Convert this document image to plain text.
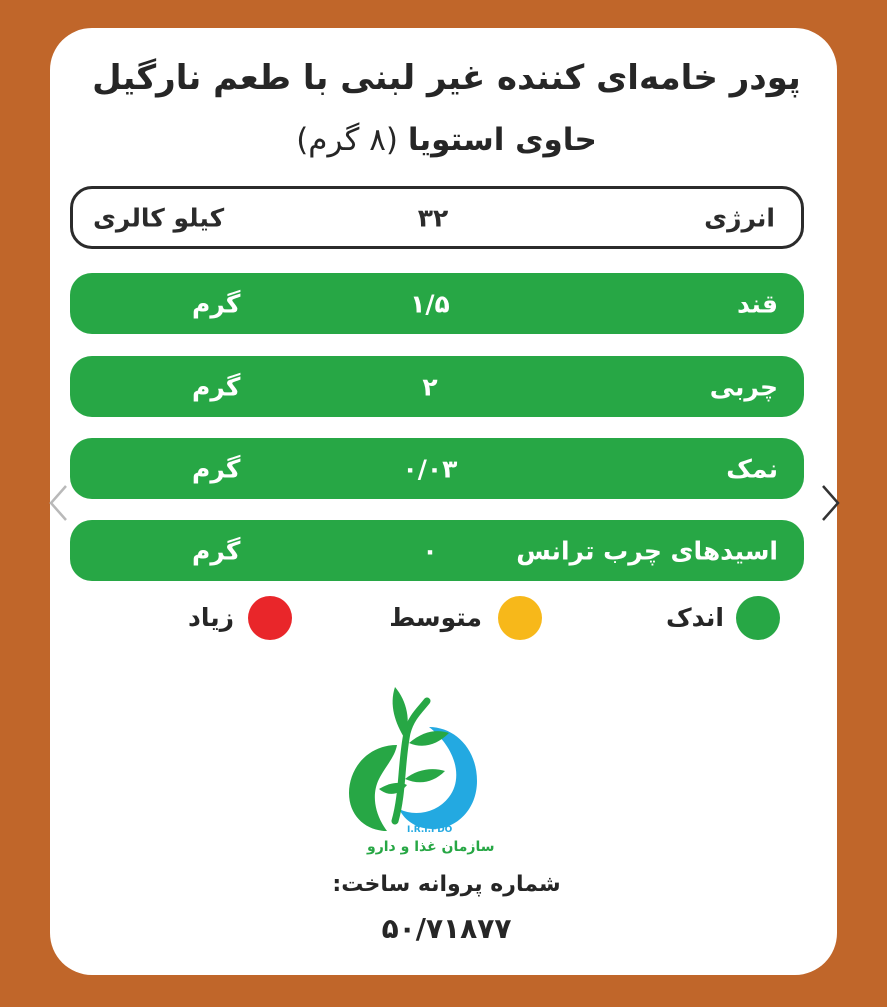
پودر خامه‌ای کننده غیر لبنی با طعم نارگیل
حاوی استویا (۸ گرم)
انرژی
۳۲
کیلو کالری
قند
۱/۵
گرم
چربی
۲
گرم
نمک
۰/۰۳
گرم
اسیدهای چرب ترانس
۰
گرم
اندک
متوسط
زیاد
I.R.I.FDO
سازمان غذا و دارو
شماره پروانه ساخت:
۵۰/۷۱۸۷۷
